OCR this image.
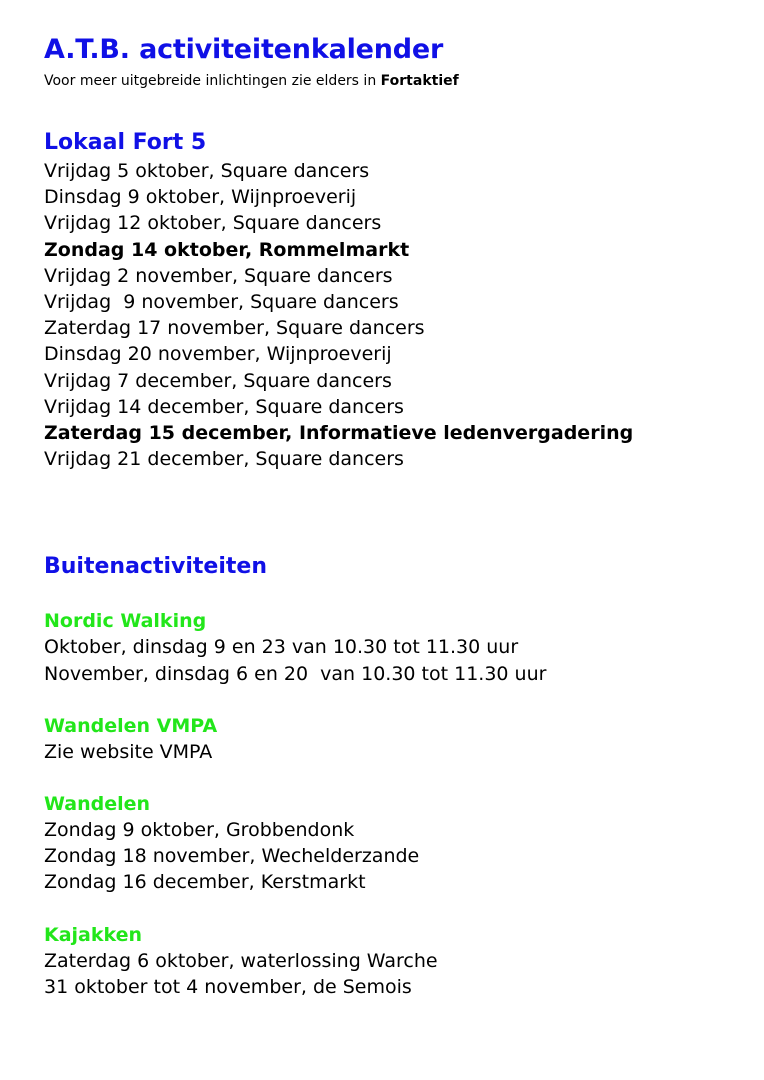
A.T.B. activiteitenkalender

Voor meer uitgebreide inlichtingen zie elders in Fortaktief

Lokaal Fort 5
Vrijdag 5 oktober, Square dancers
Dinsdag 9 oktober, Wijnproeverij
Vrijdag 12 oktober, Square dancers
Zondag 14 oktober, Rommelmarkt
Vrijdag 2 november, Square dancers
Vrijdag  9 november, Square dancers
Zaterdag 17 november, Square dancers
Dinsdag 20 november, Wijnproeverij
Vrijdag 7 december, Square dancers
Vrijdag 14 december, Square dancers
Zaterdag 15 december, Informatieve ledenvergadering
Vrijdag 21 december, Square dancers
Buitenactiviteiten
Nordic Walking
Oktober, dinsdag 9 en 23 van 10.30 tot 11.30 uur
November, dinsdag 6 en 20  van 10.30 tot 11.30 uur
Wandelen VMPA
Zie website VMPA
Wandelen
Zondag 9 oktober, Grobbendonk
Zondag 18 november, Wechelderzande
Zondag 16 december, Kerstmarkt
Kajakken
Zaterdag 6 oktober, waterlossing Warche
31 oktober tot 4 november, de Semois
